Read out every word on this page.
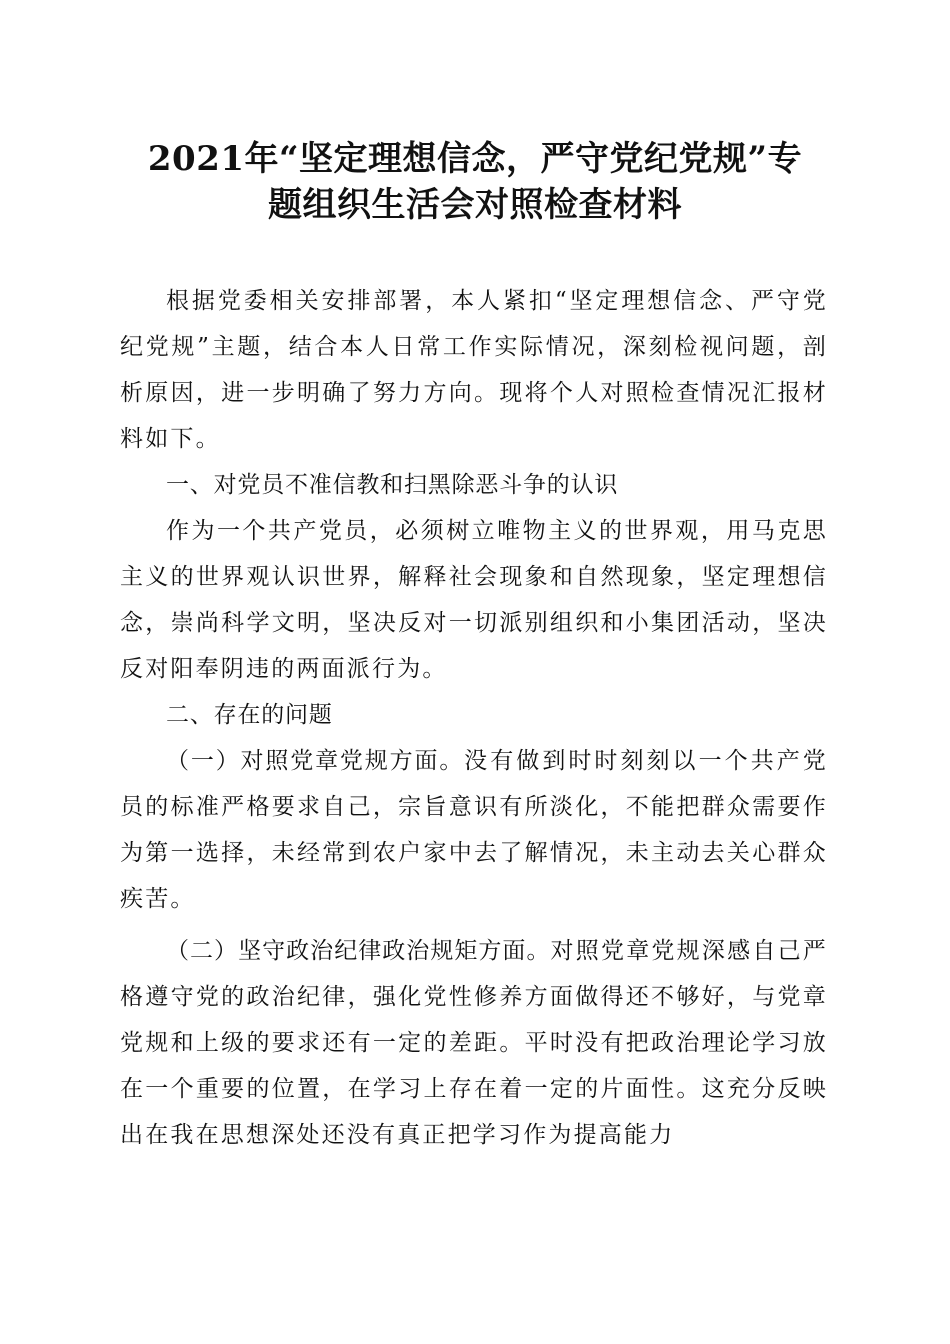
2021年“坚定理想信念，严守党纪党规”专
题组织生活会对照检查材料

根据党委相关安排部署，本人紧扣“坚定理想信念、严守党纪党规”主题，结合本人日常工作实际情况，深刻检视问题，剖析原因，进一步明确了努力方向。现将个人对照检查情况汇报材料如下。

一、对党员不准信教和扫黑除恶斗争的认识

作为一个共产党员，必须树立唯物主义的世界观，用马克思主义的世界观认识世界，解释社会现象和自然现象，坚定理想信念，崇尚科学文明，坚决反对一切派别组织和小集团活动，坚决反对阳奉阴违的两面派行为。

二、存在的问题

（一）对照党章党规方面。没有做到时时刻刻以一个共产党员的标准严格要求自己，宗旨意识有所淡化，不能把群众需要作为第一选择，未经常到农户家中去了解情况，未主动去关心群众疾苦。

（二）坚守政治纪律政治规矩方面。对照党章党规深感自己严格遵守党的政治纪律，强化党性修养方面做得还不够好，与党章党规和上级的要求还有一定的差距。平时没有把政治理论学习放在一个重要的位置，在学习上存在着一定的片面性。这充分反映出在我在思想深处还没有真正把学习作为提高能力
